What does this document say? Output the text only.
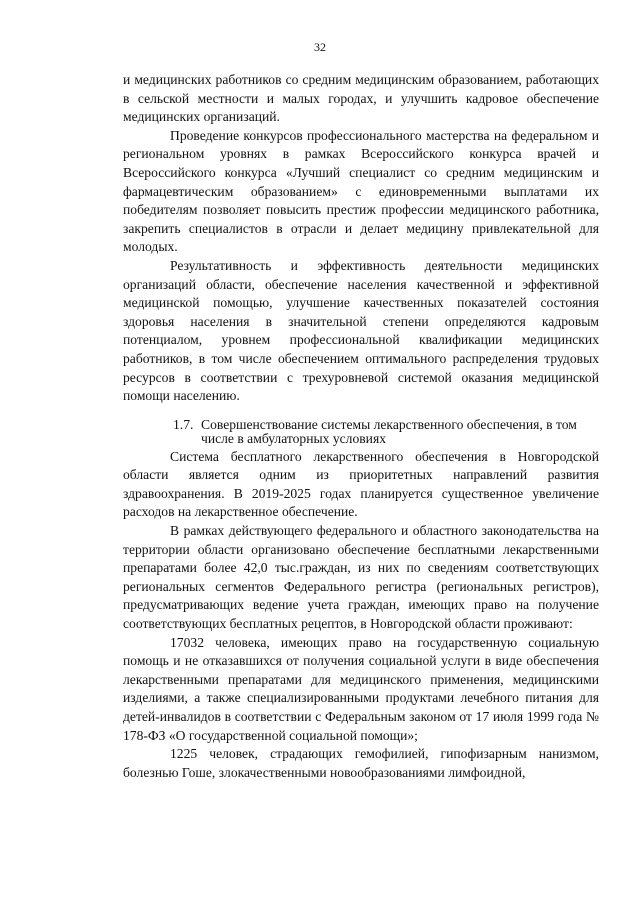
32

и медицинских работников со средним медицинским образованием, работающих в сельской местности и малых городах, и улучшить кадровое обеспечение медицинских организаций.

Проведение конкурсов профессионального мастерства на федеральном и региональном уровнях в рамках Всероссийского конкурса врачей и Всероссийского конкурса «Лучший специалист со средним медицинским и фармацевтическим образованием» с единовременными выплатами их победителям позволяет повысить престиж профессии медицинского работника, закрепить специалистов в отрасли и делает медицину привлекательной для молодых.

Результативность и эффективность деятельности медицинских организаций области, обеспечение населения качественной и эффективной медицинской помощью, улучшение качественных показателей состояния здоровья населения в значительной степени определяются кадровым потенциалом, уровнем профессиональной квалификации медицинских работников, в том числе обеспечением оптимального распределения трудовых ресурсов в соответствии с трехуровневой системой оказания медицинской помощи населению.

1.7. Совершенствование системы лекарственного обеспечения, в том числе в амбулаторных условиях

Система бесплатного лекарственного обеспечения в Новгородской области является одним из приоритетных направлений развития здравоохранения. В 2019-2025 годах планируется существенное увеличение расходов на лекарственное обеспечение.

В рамках действующего федерального и областного законодательства на территории области организовано обеспечение бесплатными лекарственными препаратами более 42,0 тыс.граждан, из них по сведениям соответствующих региональных сегментов Федерального регистра (региональных регистров), предусматривающих ведение учета граждан, имеющих право на получение соответствующих бесплатных рецептов, в Новгородской области проживают:

17032 человека, имеющих право на государственную социальную помощь и не отказавшихся от получения социальной услуги в виде обеспечения лекарственными препаратами для медицинского применения, медицинскими изделиями, а также специализированными продуктами лечебного питания для детей-инвалидов в соответствии с Федеральным законом от 17 июля 1999 года № 178-ФЗ «О государственной социальной помощи»;

1225 человек, страдающих гемофилией, гипофизарным нанизмом, болезнью Гоше, злокачественными новообразованиями лимфоидной,
